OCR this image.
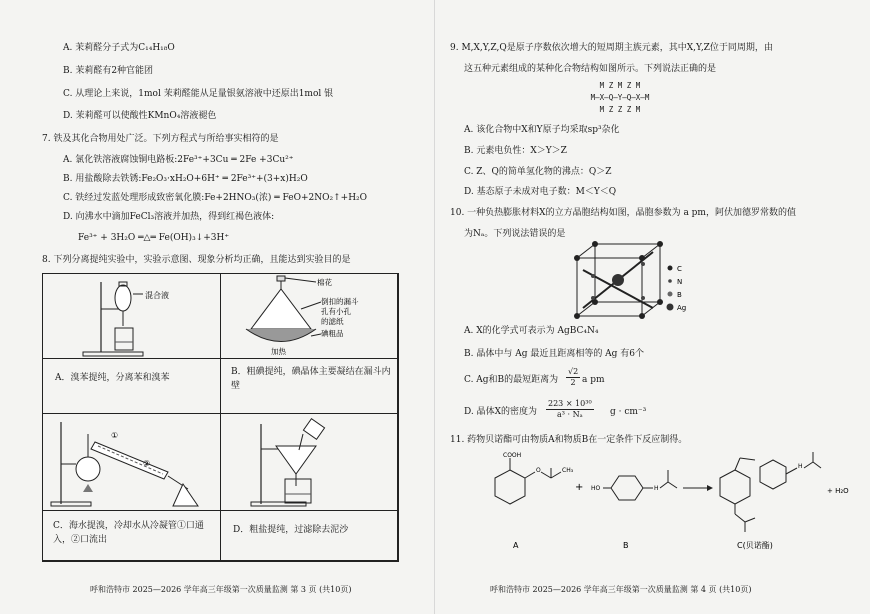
A. 茉莉醛分子式为C₁₄H₁₈O
B. 茉莉醛有2种官能团
C. 从理论上来说，1mol 茉莉醛能从足量银氨溶液中还原出1mol 银
D. 茉莉醛可以使酸性KMnO₄溶液褪色
7. 铁及其化合物用处广泛。下列方程式与所给事实相符的是
A. 氯化铁溶液腐蚀铜电路板:2Fe³⁺+3Cu ═ 2Fe +3Cu²⁺
B. 用盐酸除去铁锈:Fe₂O₃·xH₂O+6H⁺ ═ 2Fe³⁺+(3+x)H₂O
C. 铁经过发蓝处理形成致密氧化膜:Fe+2HNO₃(浓) ═ FeO+2NO₂↑+H₂O
D. 向沸水中滴加FeCl₃溶液并加热，得到红褐色液体:
Fe³⁺ + 3H₂O ═△═ Fe(OH)₃↓+3H⁺
8. 下列分离提纯实验中，实验示意图、现象分析均正确，且能达到实验目的是
混合液
棉花
倒扣的漏斗
孔有小孔
的滤纸
碘粗品
加热
A．溴苯提纯，分离苯和溴苯
B．粗碘提纯，碘晶体主要凝结在漏斗内壁
①
②
C．海水提溴，冷却水从冷凝管①口通入，②口流出
D．粗盐提纯，过滤除去泥沙
呼和浩特市 2025—2026 学年高三年级第一次质量监测 第 3 页 (共10页)
9. M,X,Y,Z,Q是原子序数依次增大的短周期主族元素，其中X,Y,Z位于同周期，由
这五种元素组成的某种化合物结构如图所示。下列说法正确的是
M Z M Z M
M—X—Q—Y—Q—X—M
M Z Z Z M
A. 该化合物中X和Y原子均采取sp³杂化
B. 元素电负性：X＞Y＞Z
C. Z、Q的简单氢化物的沸点：Q＞Z
D. 基态原子未成对电子数：M＜Y＜Q
10. 一种负热膨胀材料X的立方晶胞结构如图，晶胞参数为 a pm，阿伏加德罗常数的值
为Nₐ。下列说法错误的是
C
N
B
Ag
A. X的化学式可表示为 AgBC₄N₄
B. 晶体中与 Ag 最近且距离相等的 Ag 有6个
C. Ag和B的最短距离为 $\frac{√2}{2}$ a pm
D. 晶体X的密度为 $\frac{\text{223 × 10³⁰}}{\text{a³ · Nₐ}}$ g · cm⁻³
11. 药物贝诺酯可由物质A和物质B在一定条件下反应制得。
COOH
O	CH₃
+ HO	H
H
+ H₂O
A	B	C(贝诺酯)
呼和浩特市 2025—2026 学年高三年级第一次质量监测 第 4 页 (共10页)
